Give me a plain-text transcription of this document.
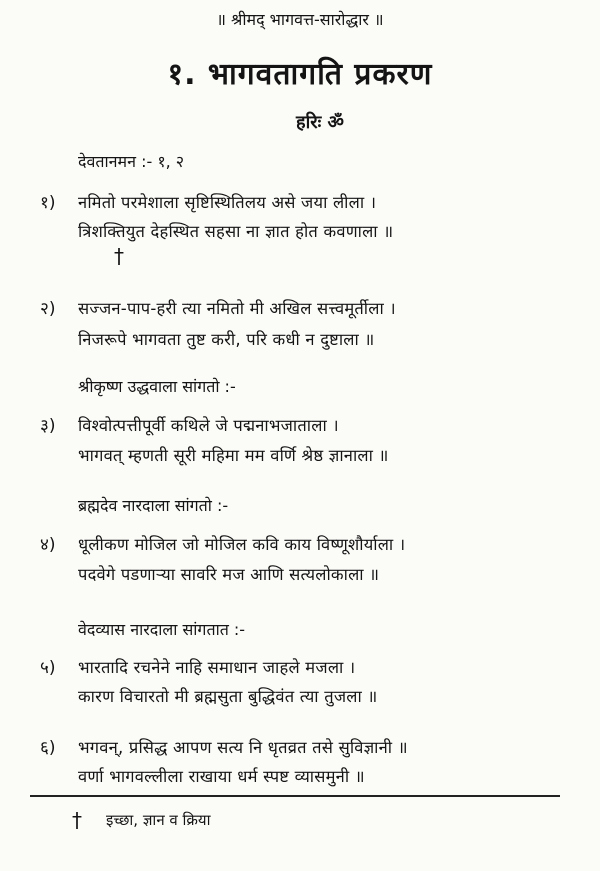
॥ श्रीमद् भागवत्त-सारोद्धार ॥
१. भागवतागति प्रकरण
हरिः ॐ
देवतानमन :- १, २
१) नमितो परमेशाला सृष्टिस्थितिलय असे जया लीला ।
त्रिशक्तियुत देहस्थित सहसा ना ज्ञात होत कवणाला ॥
†
२) सज्जन-पाप-हरी त्या नमितो मी अखिल सत्त्वमूर्तीला ।
निजरूपे भागवता तुष्ट करी, परि कधी न दुष्टाला ॥
श्रीकृष्ण उद्धवाला सांगतो :-
३) विश्वोत्पत्तीपूर्वी कथिले जे पद्मनाभजाताला ।
भागवत् म्हणती सूरी महिमा मम वर्णि श्रेष्ठ ज्ञानाला ॥
ब्रह्मदेव नारदाला सांगतो :-
४) धूलीकण मोजिल जो मोजिल कवि काय विष्णूशौर्याला ।
पदवेगे पडणाऱ्या सावरि मज आणि सत्यलोकाला ॥
वेदव्यास नारदाला सांगतात :-
५) भारतादि रचनेने नाहि समाधान जाहले मजला ।
कारण विचारतो मी ब्रह्मसुता बुद्धिवंत त्या तुजला ॥
६) भगवन्, प्रसिद्ध आपण सत्य नि धृतव्रत तसे सुविज्ञानी ॥
वर्णा भागवल्लीला राखाया धर्म स्पष्ट व्यासमुनी ॥
† इच्छा, ज्ञान व क्रिया
